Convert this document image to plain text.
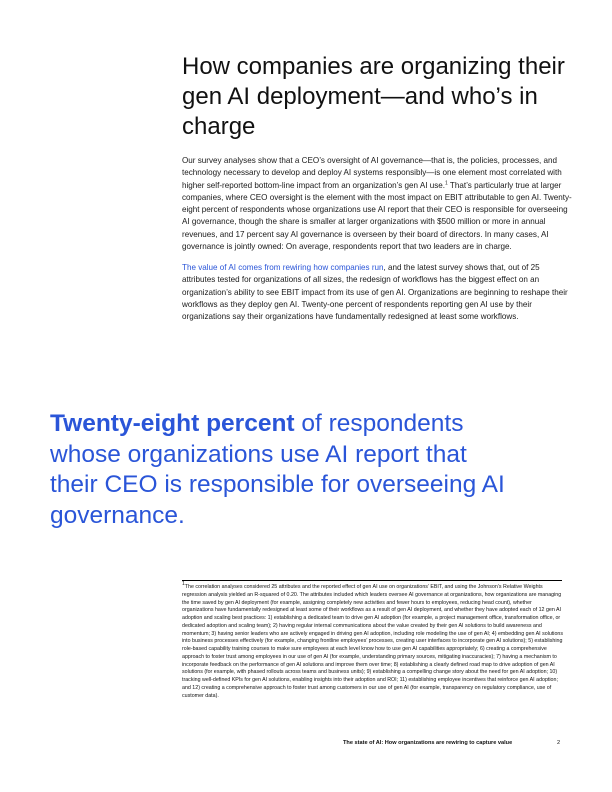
How companies are organizing their gen AI deployment—and who’s in charge

Our survey analyses show that a CEO’s oversight of AI governance—that is, the policies, processes, and technology necessary to develop and deploy AI systems responsibly—is one element most correlated with higher self-reported bottom-line impact from an organization’s gen AI use.$^1$ That’s particularly true at larger companies, where CEO oversight is the element with the most impact on EBIT attributable to gen AI. Twenty-eight percent of respondents whose organizations use AI report that their CEO is responsible for overseeing AI governance, though the share is smaller at larger organizations with $500 million or more in annual revenues, and 17 percent say AI governance is overseen by their board of directors. In many cases, AI governance is jointly owned: On average, respondents report that two leaders are in charge.

The value of AI comes from rewiring how companies run, and the latest survey shows that, out of 25 attributes tested for organizations of all sizes, the redesign of workflows has the biggest effect on an organization’s ability to see EBIT impact from its use of gen AI. Organizations are beginning to reshape their workflows as they deploy gen AI. Twenty-one percent of respondents reporting gen AI use by their organizations say their organizations have fundamentally redesigned at least some workflows.

Twenty-eight percent of respondents whose organizations use AI report that their CEO is responsible for overseeing AI governance.

$^1$The correlation analyses considered 25 attributes and the reported effect of gen AI use on organizations’ EBIT, and using the Johnson’s Relative Weights regression analysis yielded an R-squared of 0.20. The attributes included which leaders oversee AI governance at organizations, how organizations are managing the time saved by gen AI deployment (for example, assigning completely new activities and fewer hours to employees, reducing head count), whether organizations have fundamentally redesigned at least some of their workflows as a result of gen AI deployment, and whether they have adopted each of 12 gen AI adoption and scaling best practices: 1) establishing a dedicated team to drive gen AI adoption (for example, a project management office, transformation office, or dedicated adoption and scaling team); 2) having regular internal communications about the value created by their gen AI solutions to build awareness and momentum; 3) having senior leaders who are actively engaged in driving gen AI adoption, including role modeling the use of gen AI; 4) embedding gen AI solutions into business processes effectively (for example, changing frontline employees’ processes, creating user interfaces to incorporate gen AI solutions); 5) establishing role-based capability training courses to make sure employees at each level know how to use gen AI capabilities appropriately; 6) creating a comprehensive approach to foster trust among employees in our use of gen AI (for example, understanding primary sources, mitigating inaccuracies); 7) having a mechanism to incorporate feedback on the performance of gen AI solutions and improve them over time; 8) establishing a clearly defined road map to drive adoption of gen AI solutions (for example, with phased rollouts across teams and business units); 9) establishing a compelling change story about the need for gen AI adoption; 10) tracking well-defined KPIs for gen AI solutions, enabling insights into their adoption and ROI; 11) establishing employee incentives that reinforce gen AI adoption; and 12) creating a comprehensive approach to foster trust among customers in our use of gen AI (for example, transparency on regulatory compliance, use of customer data).

The state of AI: How organizations are rewiring to capture value	2
